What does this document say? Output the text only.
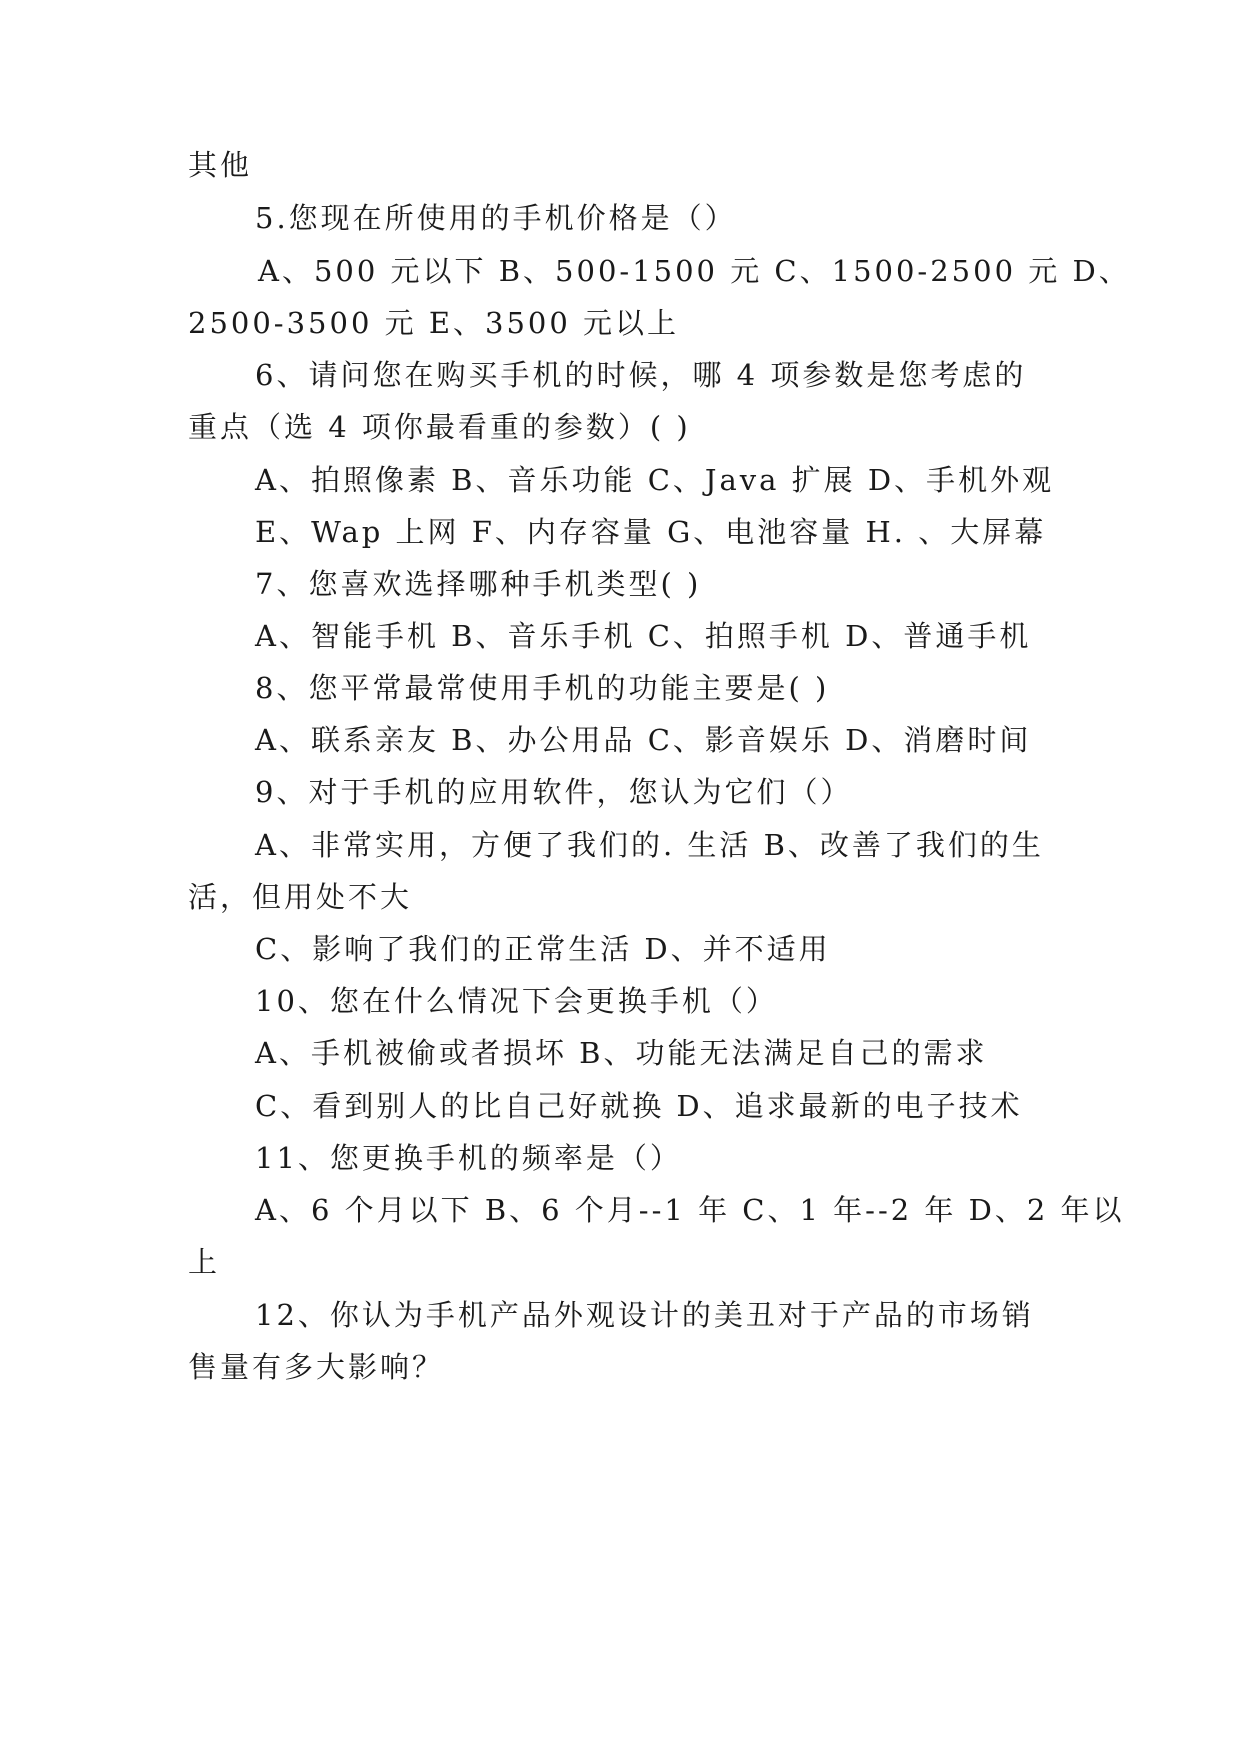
其他
5.您现在所使用的手机价格是（）
A、500 元以下 B、500-1500 元 C、1500-2500 元 D、
2500-3500 元 E、3500 元以上
6、请问您在购买手机的时候，哪 4 项参数是您考虑的
重点（选 4 项你最看重的参数）( )
A、拍照像素 B、音乐功能 C、Java 扩展 D、手机外观
E、Wap 上网 F、内存容量 G、电池容量 H. 、大屏幕
7、您喜欢选择哪种手机类型( )
A、智能手机 B、音乐手机 C、拍照手机 D、普通手机
8、您平常最常使用手机的功能主要是( )
A、联系亲友 B、办公用品 C、影音娱乐 D、消磨时间
9、对于手机的应用软件，您认为它们（）
A、非常实用，方便了我们的. 生活 B、改善了我们的生
活，但用处不大
C、影响了我们的正常生活 D、并不适用
10、您在什么情况下会更换手机（）
A、手机被偷或者损坏 B、功能无法满足自己的需求
C、看到别人的比自己好就换 D、追求最新的电子技术
11、您更换手机的频率是（）
A、6 个月以下 B、6 个月--1 年 C、1 年--2 年 D、2 年以
上
12、你认为手机产品外观设计的美丑对于产品的市场销
售量有多大影响？
